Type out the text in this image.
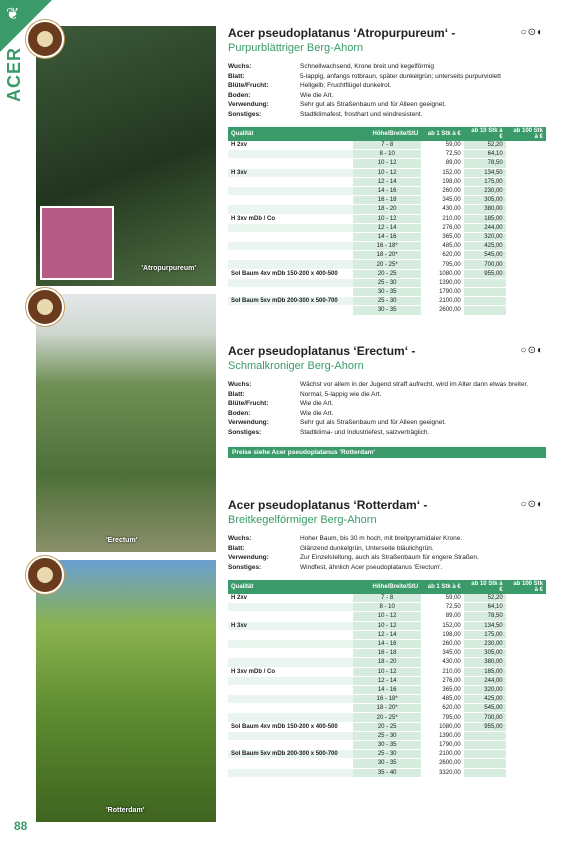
❦
ACER
88
'Atropurpureum'
'Erectum'
'Rotterdam'
○⊙◐

Acer pseudoplatanus ‘Atropurpureum‘ -

Purpurblättriger Berg-Ahorn

Wuchs:	Schnellwachsend, Krone breit und kegelförmig
Blatt:	5-lappig, anfangs rotbraun, später dunkelgrün; unterseits purpurviolett
Blüte/Frucht:	Hellgelb; Fruchtflügel dunkelrot.
Boden:	Wie die Art.
Verwendung:	Sehr gut als Straßenbaum und für Alleen geeignet.
Sonstiges:	Stadtklimafest, frosthart und windresistent.
Qualität	Höhe/Breite/StU	ab 1 Stk à €	ab 10 Stk à €	ab 100 Stk à €
H 2xv	7 - 8	59,00	52,20	
	8 - 10	72,50	64,10	
	10 - 12	89,00	78,50	
H 3xv	10 - 12	152,00	134,50	
	12 - 14	198,00	175,00	
	14 - 16	260,00	230,00	
	16 - 18	345,00	305,00	
	18 - 20	430,00	380,00	
H 3xv mDb / Co	10 - 12	210,00	185,00	
	12 - 14	276,00	244,00	
	14 - 16	365,00	320,00	
	16 - 18*	485,00	425,00	
	18 - 20*	620,00	545,00	
	20 - 25*	795,00	700,00	
Sol Baum 4xv mDb 150-200 x 400-500	20 - 25	1080,00	955,00	
	25 - 30	1390,00		
	30 - 35	1790,00		
Sol Baum 5xv mDb 200-300 x 500-700	25 - 30	2100,00		
	30 - 35	2600,00		
○⊙◐

Acer pseudoplatanus ‘Erectum‘ -

Schmalkroniger Berg-Ahorn

Wuchs:	Wächst vor allem in der Jugend straff aufrecht, wird im Alter dann etwas breiter.
Blatt:	Normal, 5-lappig wie die Art.
Blüte/Frucht:	Wie die Art.
Boden:	Wie die Art.
Verwendung:	Sehr gut als Straßenbaum und für Alleen geeignet.
Sonstiges:	Stadtklima- und Industriefest, salzverträglich.
Preise siehe Acer pseudoplatanus 'Rotterdam'
○⊙◐

Acer pseudoplatanus ‘Rotterdam‘ -

Breitkegelförmiger Berg-Ahorn

Wuchs:	Hoher Baum, bis 30 m hoch, mit breitpyramidaler Krone.
Blatt:	Glänzend dunkelgrün, Unterseite bläulichgrün.
Verwendung:	Zur Einzelstellung, auch als Straßenbaum für engere Straßen.
Sonstiges:	Windfest, ähnlich Acer pseudoplatanus 'Erectum'.
Qualität	Höhe/Breite/StU	ab 1 Stk à €	ab 10 Stk à €	ab 100 Stk à €
H 2xv	7 - 8	59,00	52,20	
	8 - 10	72,50	64,10	
	10 - 12	89,00	78,50	
H 3xv	10 - 12	152,00	134,50	
	12 - 14	198,00	175,00	
	14 - 16	260,00	230,00	
	16 - 18	345,00	305,00	
	18 - 20	430,00	380,00	
H 3xv mDb / Co	10 - 12	210,00	185,00	
	12 - 14	276,00	244,00	
	14 - 16	365,00	320,00	
	16 - 18*	485,00	425,00	
	18 - 20*	620,00	545,00	
	20 - 25*	795,00	700,00	
Sol Baum 4xv mDb 150-200 x 400-500	20 - 25	1080,00	955,00	
	25 - 30	1390,00		
	30 - 35	1790,00		
Sol Baum 5xv mDb 200-300 x 500-700	25 - 30	2100,00		
	30 - 35	2600,00		
	35 - 40	3320,00		
